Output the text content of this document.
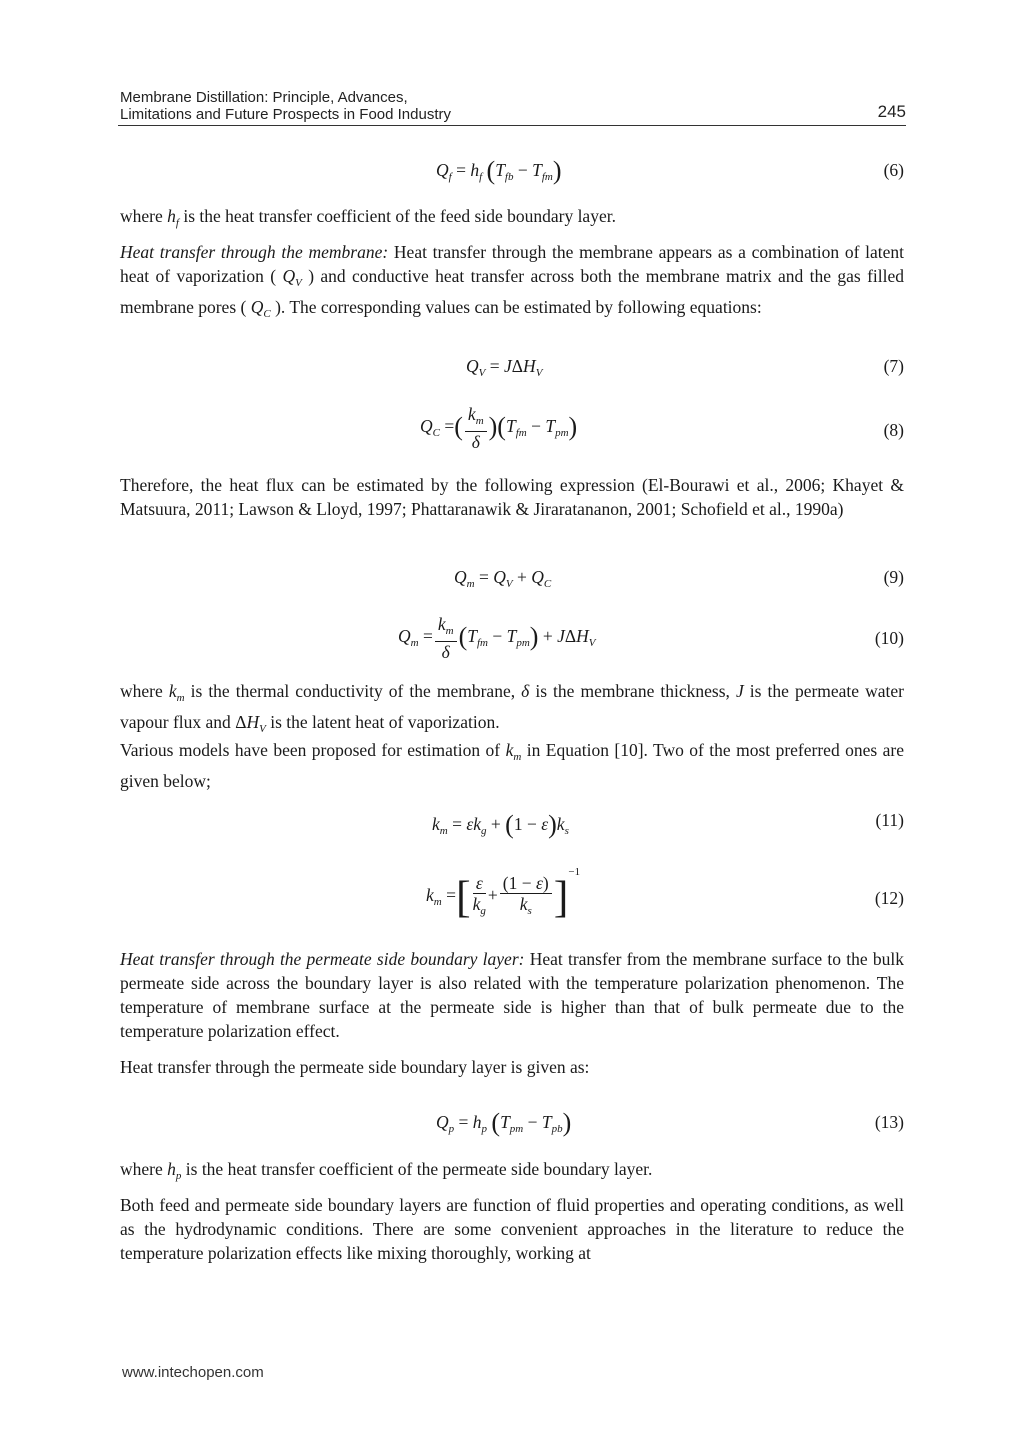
Membrane Distillation: Principle, Advances,
Limitations and Future Prospects in Food Industry	245
$Q_f = h_f$ $(T_{fb} - T_{fm})$	(6)
where $h_f$ is the heat transfer coefficient of the feed side boundary layer.
Heat transfer through the membrane: Heat transfer through the membrane appears as a combination of latent heat of vaporization ( $Q_V$ ) and conductive heat transfer across both the membrane matrix and the gas filled membrane pores ( $Q_C$ ). The corresponding values can be estimated by following equations:
$Q_V = J\Delta H_V$	(7)
$Q_C$ =( $\frac{k_m}{\delta} )(T_{fm} - T_{pm})$	(8)
Therefore, the heat flux can be estimated by the following expression (El-Bourawi et al., 2006; Khayet & Matsuura, 2011; Lawson & Lloyd, 1997; Phattaranawik & Jiraratananon, 2001; Schofield et al., 1990a)
$Q_m = Q_V + Q_C$	(9)
$Q_m = \frac{k_m}{\delta} (T_{fm} - T_{pm}) + J\Delta H_V$	(10)
where $k_m$ is the thermal conductivity of the membrane, δ is the membrane thickness, J is the permeate water vapour flux and $\Delta H_V$ is the latent heat of vaporization.
Various models have been proposed for estimation of $k_m$ in Equation [10]. Two of the most preferred ones are given below;
$k_m = \varepsilon k_g + (1 - \varepsilon)k_s$
(11)
$k_m$ =[ $\frac{\varepsilon}{k_g} + \frac{(1 - \varepsilon)}{k_s} ]^{-1}$
(12)
Heat transfer through the permeate side boundary layer: Heat transfer from the membrane surface to the bulk permeate side across the boundary layer is also related with the temperature polarization phenomenon. The temperature of membrane surface at the permeate side is higher than that of bulk permeate due to the temperature polarization effect.
Heat transfer through the permeate side boundary layer is given as:
$Q_p = h_p$ $(T_{pm} - T_{pb})$	(13)
where $h_p$ is the heat transfer coefficient of the permeate side boundary layer.
Both feed and permeate side boundary layers are function of fluid properties and operating conditions, as well as the hydrodynamic conditions. There are some convenient approaches in the literature to reduce the temperature polarization effects like mixing thoroughly, working at
www.intechopen.com
